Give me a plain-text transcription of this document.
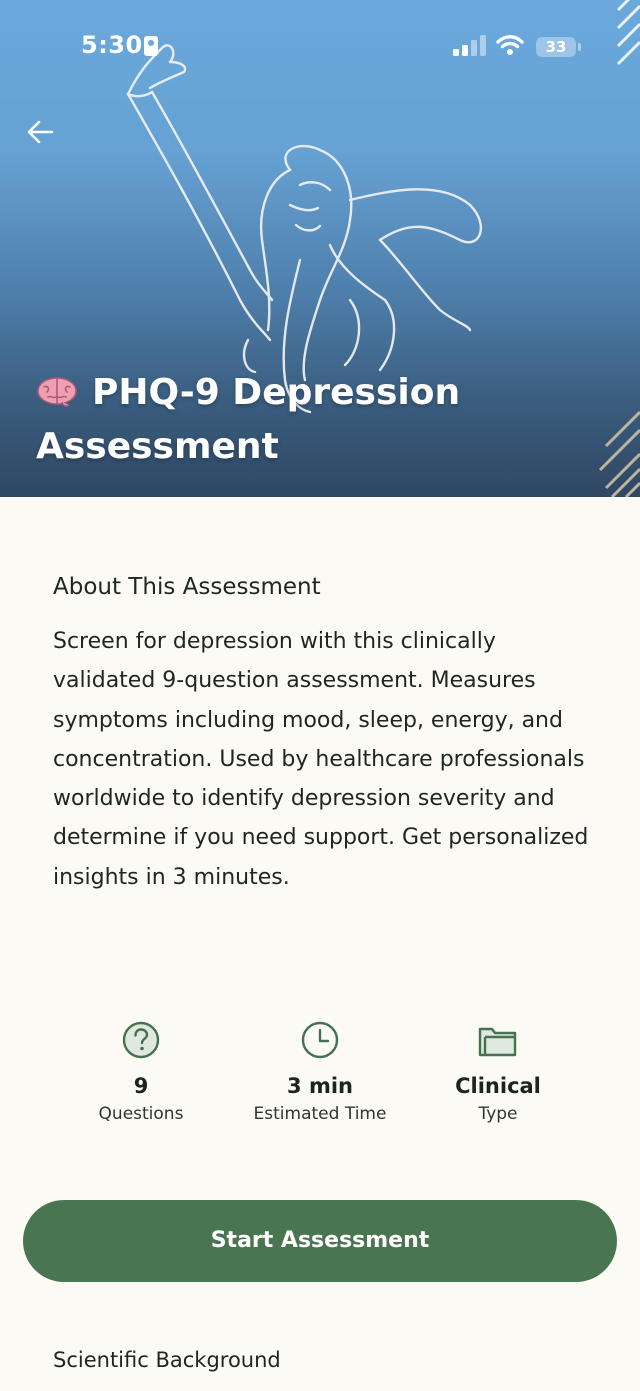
5:30	33
PHQ-9 Depression Assessment
About This Assessment
Screen for depression with this clinically validated 9-question assessment. Measures symptoms including mood, sleep, energy, and concentration. Used by healthcare professionals worldwide to identify depression severity and determine if you need support. Get personalized insights in 3 minutes.
9
Questions
3 min
Estimated Time
Clinical
Type
Start Assessment
Scientific Background
